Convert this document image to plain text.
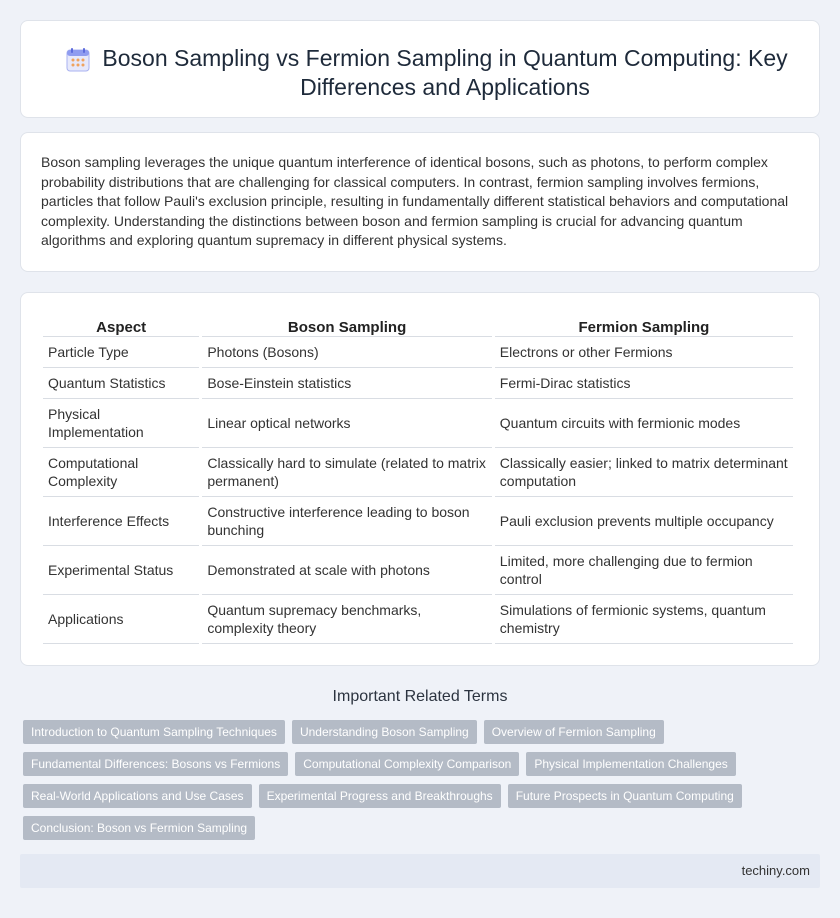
Boson Sampling vs Fermion Sampling in Quantum Computing: Key Differences and Applications

Boson sampling leverages the unique quantum interference of identical bosons, such as photons, to perform complex probability distributions that are challenging for classical computers. In contrast, fermion sampling involves fermions, particles that follow Pauli's exclusion principle, resulting in fundamentally different statistical behaviors and computational complexity. Understanding the distinctions between boson and fermion sampling is crucial for advancing quantum algorithms and exploring quantum supremacy in different physical systems.

Aspect	Boson Sampling	Fermion Sampling
Particle Type	Photons (Bosons)	Electrons or other Fermions
Quantum Statistics	Bose-Einstein statistics	Fermi-Dirac statistics
Physical Implementation	Linear optical networks	Quantum circuits with fermionic modes
Computational Complexity	Classically hard to simulate (related to matrix permanent)	Classically easier; linked to matrix determinant computation
Interference Effects	Constructive interference leading to boson bunching	Pauli exclusion prevents multiple occupancy
Experimental Status	Demonstrated at scale with photons	Limited, more challenging due to fermion control
Applications	Quantum supremacy benchmarks, complexity theory	Simulations of fermionic systems, quantum chemistry
Important Related Terms
Introduction to Quantum Sampling Techniques	Understanding Boson Sampling	Overview of Fermion Sampling
Fundamental Differences: Bosons vs Fermions	Computational Complexity Comparison	Physical Implementation Challenges
Real-World Applications and Use Cases	Experimental Progress and Breakthroughs	Future Prospects in Quantum Computing
Conclusion: Boson vs Fermion Sampling
techiny.com
